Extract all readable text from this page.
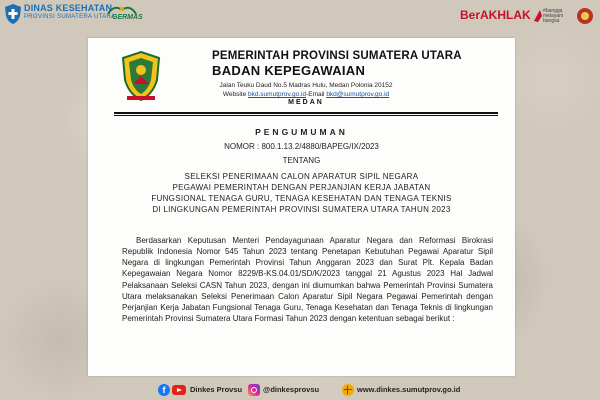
DINAS KESEHATAN
PROVINSI SUMATERA UTARA
GERMAS	BerAKHLAK #bangga melayani bangsa
PEMERINTAH PROVINSI SUMATERA UTARA
BADAN KEPEGAWAIAN
Jalan Teuku Daud No.5 Madras Hulu, Medan Polonia 20152
Website bkd.sumutprov.go.id-Email bkd@sumutprov.go.id
MEDAN
PENGUMUMAN
NOMOR : 800.1.13.2/4880/BAPEG/IX/2023
TENTANG
SELEKSI PENERIMAAN CALON APARATUR SIPIL NEGARA
PEGAWAI PEMERINTAH DENGAN PERJANJIAN KERJA JABATAN
FUNGSIONAL TENAGA GURU, TENAGA KESEHATAN DAN TENAGA TEKNIS
DI LINGKUNGAN PEMERINTAH PROVINSI SUMATERA UTARA TAHUN 2023
Berdasarkan Keputusan Menteri Pendayagunaan Aparatur Negara dan Reformasi Birokrasi Republik Indonesia Nomor 545 Tahun 2023 tentang Penetapan Kebutuhan Pegawai Aparatur Sipil Negara di lingkungan Pemerintah Provinsi Tahun Anggaran 2023 dan Surat Plt. Kepala Badan Kepegawaian Negara Nomor 8229/B-KS.04.01/SD/K/2023 tanggal 21 Agustus 2023 Hal Jadwal Pelaksanaan Seleksi CASN Tahun 2023, dengan ini diumumkan bahwa Pemerintah Provinsi Sumatera Utara melaksanakan Seleksi Penerimaan Calon Aparatur Sipil Negara Pegawai Pemerintah dengan Perjanjian Kerja Jabatan Fungsional Tenaga Guru, Tenaga Kesehatan dan Tenaga Teknis di lingkungan Pemerintah Provinsi Sumatera Utara Formasi Tahun 2023 dengan ketentuan sebagai berikut :
f	Dinkes Provsu	@dinkesprovsu	www.dinkes.sumutprov.go.id
